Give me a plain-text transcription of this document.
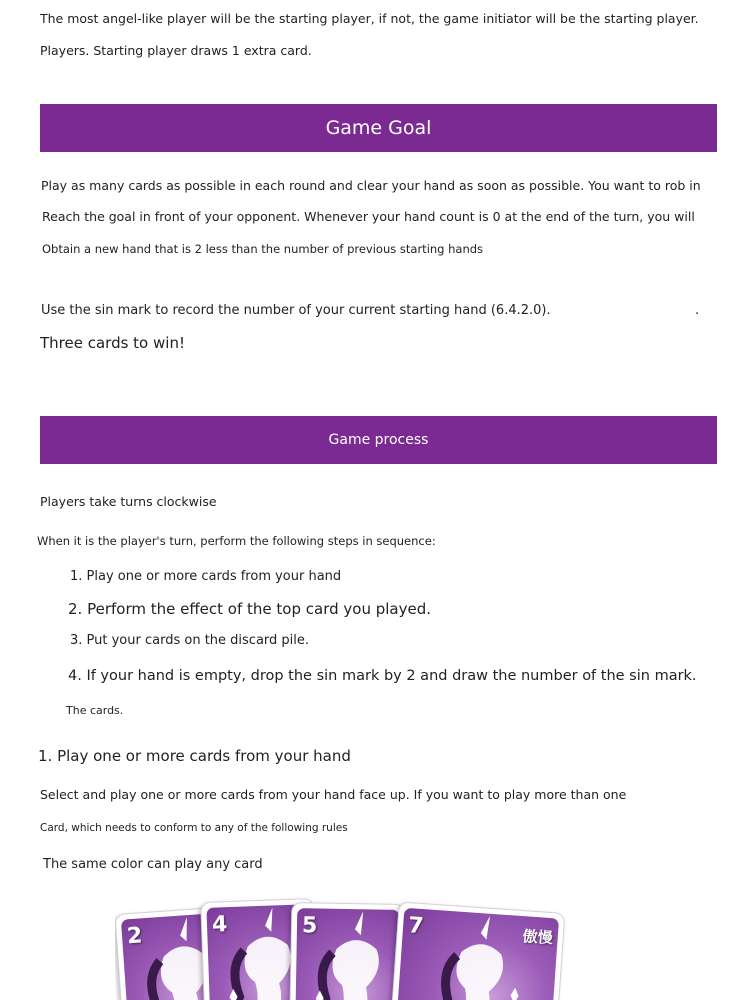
The most angel-like player will be the starting player, if not, the game initiator will be the starting player.
Players. Starting player draws 1 extra card.
Game Goal
Play as many cards as possible in each round and clear your hand as soon as possible. You want to rob in
Reach the goal in front of your opponent. Whenever your hand count is 0 at the end of the turn, you will
Obtain a new hand that is 2 less than the number of previous starting hands
Use the sin mark to record the number of your current starting hand (6.4.2.0).	.
Three cards to win!
Game process
Players take turns clockwise
When it is the player's turn, perform the following steps in sequence:
1. Play one or more cards from your hand
2. Perform the effect of the top card you played.
3. Put your cards on the discard pile.
4. If your hand is empty, drop the sin mark by 2 and draw the number of the sin mark.
The cards.
1. Play one or more cards from your hand
Select and play one or more cards from your hand face up. If you want to play more than one
Card, which needs to conform to any of the following rules
The same color can play any card
2	4	5	7	傲慢
